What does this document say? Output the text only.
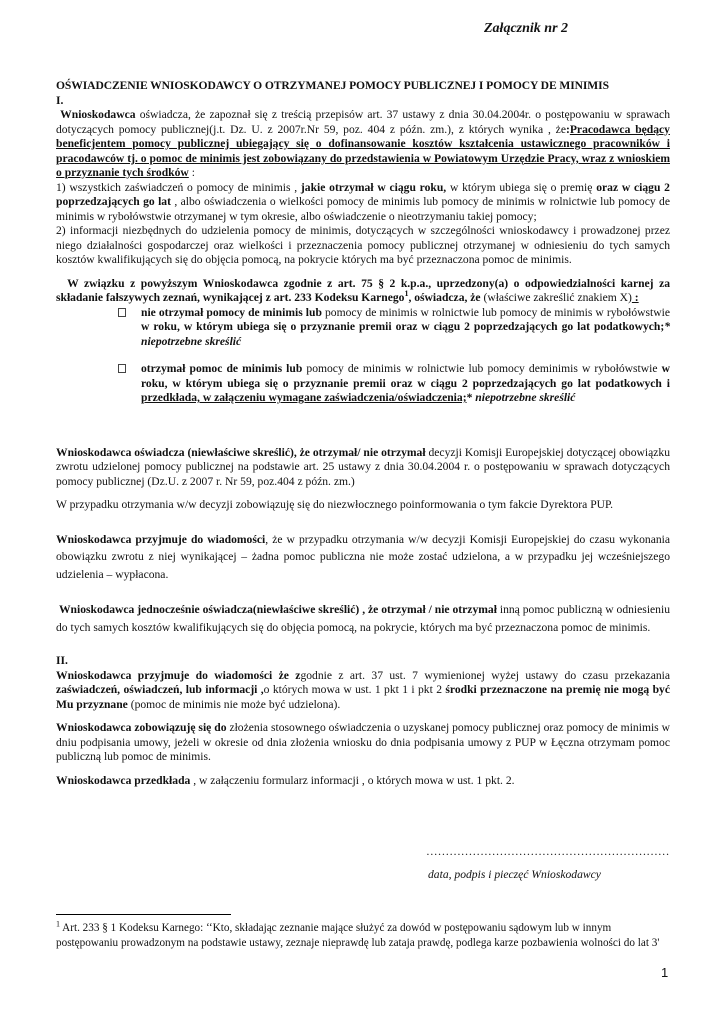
Załącznik nr 2
OŚWIADCZENIE WNIOSKODAWCY O OTRZYMANEJ POMOCY PUBLICZNEJ I POMOCY DE MINIMIS
I.

Wnioskodawca oświadcza, że zapoznał się z treścią przepisów art. 37 ustawy z dnia 30.04.2004r. o postępowaniu w sprawach dotyczących pomocy publicznej(j.t. Dz. U. z 2007r.Nr 59, poz. 404 z późn. zm.), z których wynika , że:Pracodawca będący beneficjentem pomocy publicznej ubiegający się o dofinansowanie kosztów kształcenia ustawicznego pracowników i pracodawców tj. o pomoc de minimis jest zobowiązany do przedstawienia w Powiatowym Urzędzie Pracy, wraz z wnioskiem o przyznanie tych środków :

1) wszystkich zaświadczeń o pomocy de minimis , jakie otrzymał w ciągu roku, w którym ubiega się o premię oraz w ciągu 2 poprzedzających go lat , albo oświadczenia o wielkości pomocy de minimis lub pomocy de minimis w rolnictwie lub pomocy de minimis w rybołówstwie otrzymanej w tym okresie, albo oświadczenie o nieotrzymaniu takiej pomocy;

2) informacji niezbędnych do udzielenia pomocy de minimis, dotyczących w szczególności wnioskodawcy i prowadzonej przez niego działalności gospodarczej oraz wielkości i przeznaczenia pomocy publicznej otrzymanej w odniesieniu do tych samych kosztów kwalifikujących się do objęcia pomocą, na pokrycie których ma być przeznaczona pomoc de minimis.

W związku z powyższym Wnioskodawca zgodnie z art. 75 § 2 k.p.a., uprzedzony(a) o odpowiedzialności karnej za składanie fałszywych zeznań, wynikającej z art. 233 Kodeksu Karnego$^1$, oświadcza, że (właściwe zakreślić znakiem X) :

nie otrzymał pomocy de minimis lub pomocy de minimis w rolnictwie lub pomocy de minimis w rybołówstwie w roku, w którym ubiega się o przyznanie premii oraz w ciągu 2 poprzedzających go lat podatkowych;* niepotrzebne skreślić

otrzymał pomoc de minimis lub pomocy de minimis w rolnictwie lub pomocy deminimis w rybołówstwie w roku, w którym ubiega się o przyznanie premii oraz w ciągu 2 poprzedzających go lat podatkowych i przedkłada, w załączeniu wymagane zaświadczenia/oświadczenia;* niepotrzebne skreślić

Wnioskodawca oświadcza (niewłaściwe skreślić), że otrzymał/ nie otrzymał decyzji Komisji Europejskiej dotyczącej obowiązku zwrotu udzielonej pomocy publicznej na podstawie art. 25 ustawy z dnia 30.04.2004 r. o postępowaniu w sprawach dotyczących pomocy publicznej (Dz.U. z 2007 r. Nr 59, poz.404 z późn. zm.)

W przypadku otrzymania w/w decyzji zobowiązuję się do niezwłocznego poinformowania o tym fakcie Dyrektora PUP.

Wnioskodawca przyjmuje do wiadomości, że w przypadku otrzymania w/w decyzji Komisji Europejskiej do czasu wykonania obowiązku zwrotu z niej wynikającej – żadna pomoc publiczna nie może zostać udzielona, a w przypadku jej wcześniejszego udzielenia – wypłacona.

Wnioskodawca jednocześnie oświadcza(niewłaściwe skreślić) , że otrzymał / nie otrzymał inną pomoc publiczną w odniesieniu do tych samych kosztów kwalifikujących się do objęcia pomocą, na pokrycie, których ma być przeznaczona pomoc de minimis.

II.

Wnioskodawca przyjmuje do wiadomości że zgodnie z art. 37 ust. 7 wymienionej wyżej ustawy do czasu przekazania zaświadczeń, oświadczeń, lub informacji ,o których mowa w ust. 1 pkt 1 i pkt 2 środki przeznaczone na premię nie mogą być Mu przyznane (pomoc de minimis nie może być udzielona).

Wnioskodawca zobowiązuję się do złożenia stosownego oświadczenia o uzyskanej pomocy publicznej oraz pomocy de minimis w dniu podpisania umowy, jeżeli w okresie od dnia złożenia wniosku do dnia podpisania umowy z PUP w Łęczna otrzymam pomoc publiczną lub pomoc de minimis.

Wnioskodawca przedkłada , w załączeniu formularz informacji , o których mowa w ust. 1 pkt. 2.

………………………………………………………
data, podpis i pieczęć Wnioskodawcy
$^1$ Art. 233 § 1 Kodeksu Karnego: ‘‘Kto, składając zeznanie mające służyć za dowód w postępowaniu sądowym lub w innym postępowaniu prowadzonym na podstawie ustawy, zeznaje nieprawdę lub zataja prawdę, podlega karze pozbawienia wolności do lat 3'
1
